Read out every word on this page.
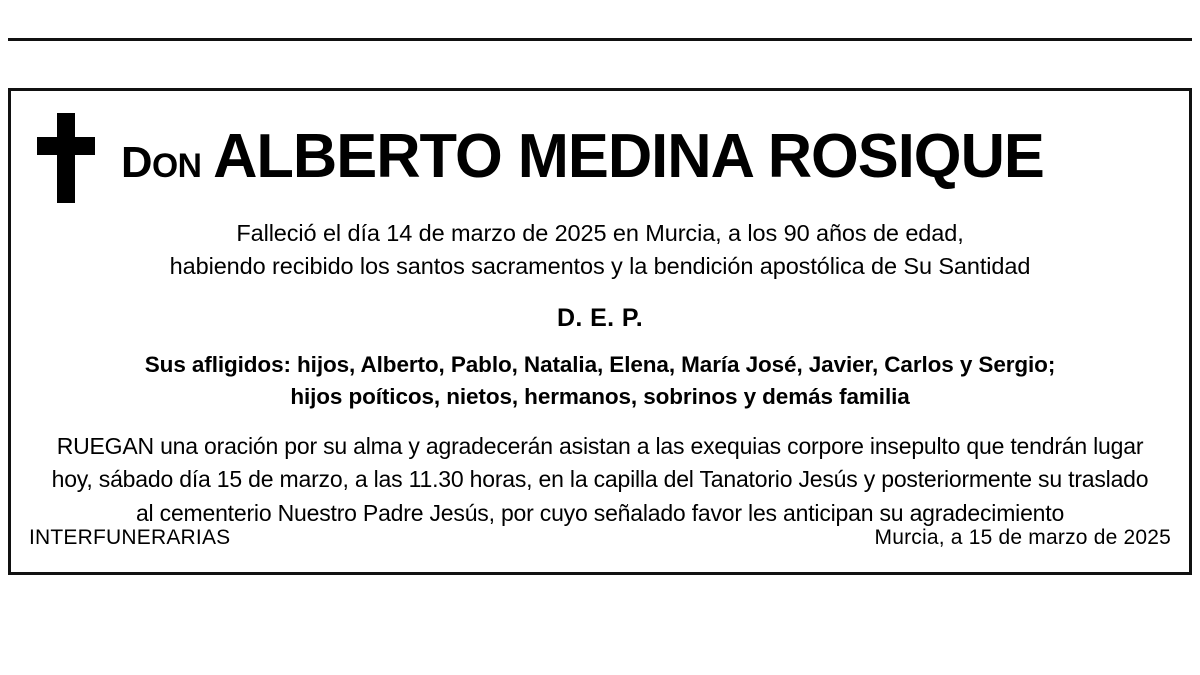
DON ALBERTO MEDINA ROSIQUE
Falleció el día 14 de marzo de 2025 en Murcia, a los 90 años de edad,
habiendo recibido los santos sacramentos y la bendición apostólica de Su Santidad
D. E. P.
Sus afligidos: hijos, Alberto, Pablo, Natalia, Elena, María José, Javier, Carlos y Sergio;
hijos poíticos, nietos, hermanos, sobrinos y demás familia
RUEGAN una oración por su alma y agradecerán asistan a las exequias corpore insepulto que tendrán lugar
hoy, sábado día 15 de marzo, a las 11.30 horas, en la capilla del Tanatorio Jesús y posteriormente su traslado
al cementerio Nuestro Padre Jesús, por cuyo señalado favor les anticipan su agradecimiento
INTERFUNERARIAS	Murcia, a 15 de marzo de 2025
